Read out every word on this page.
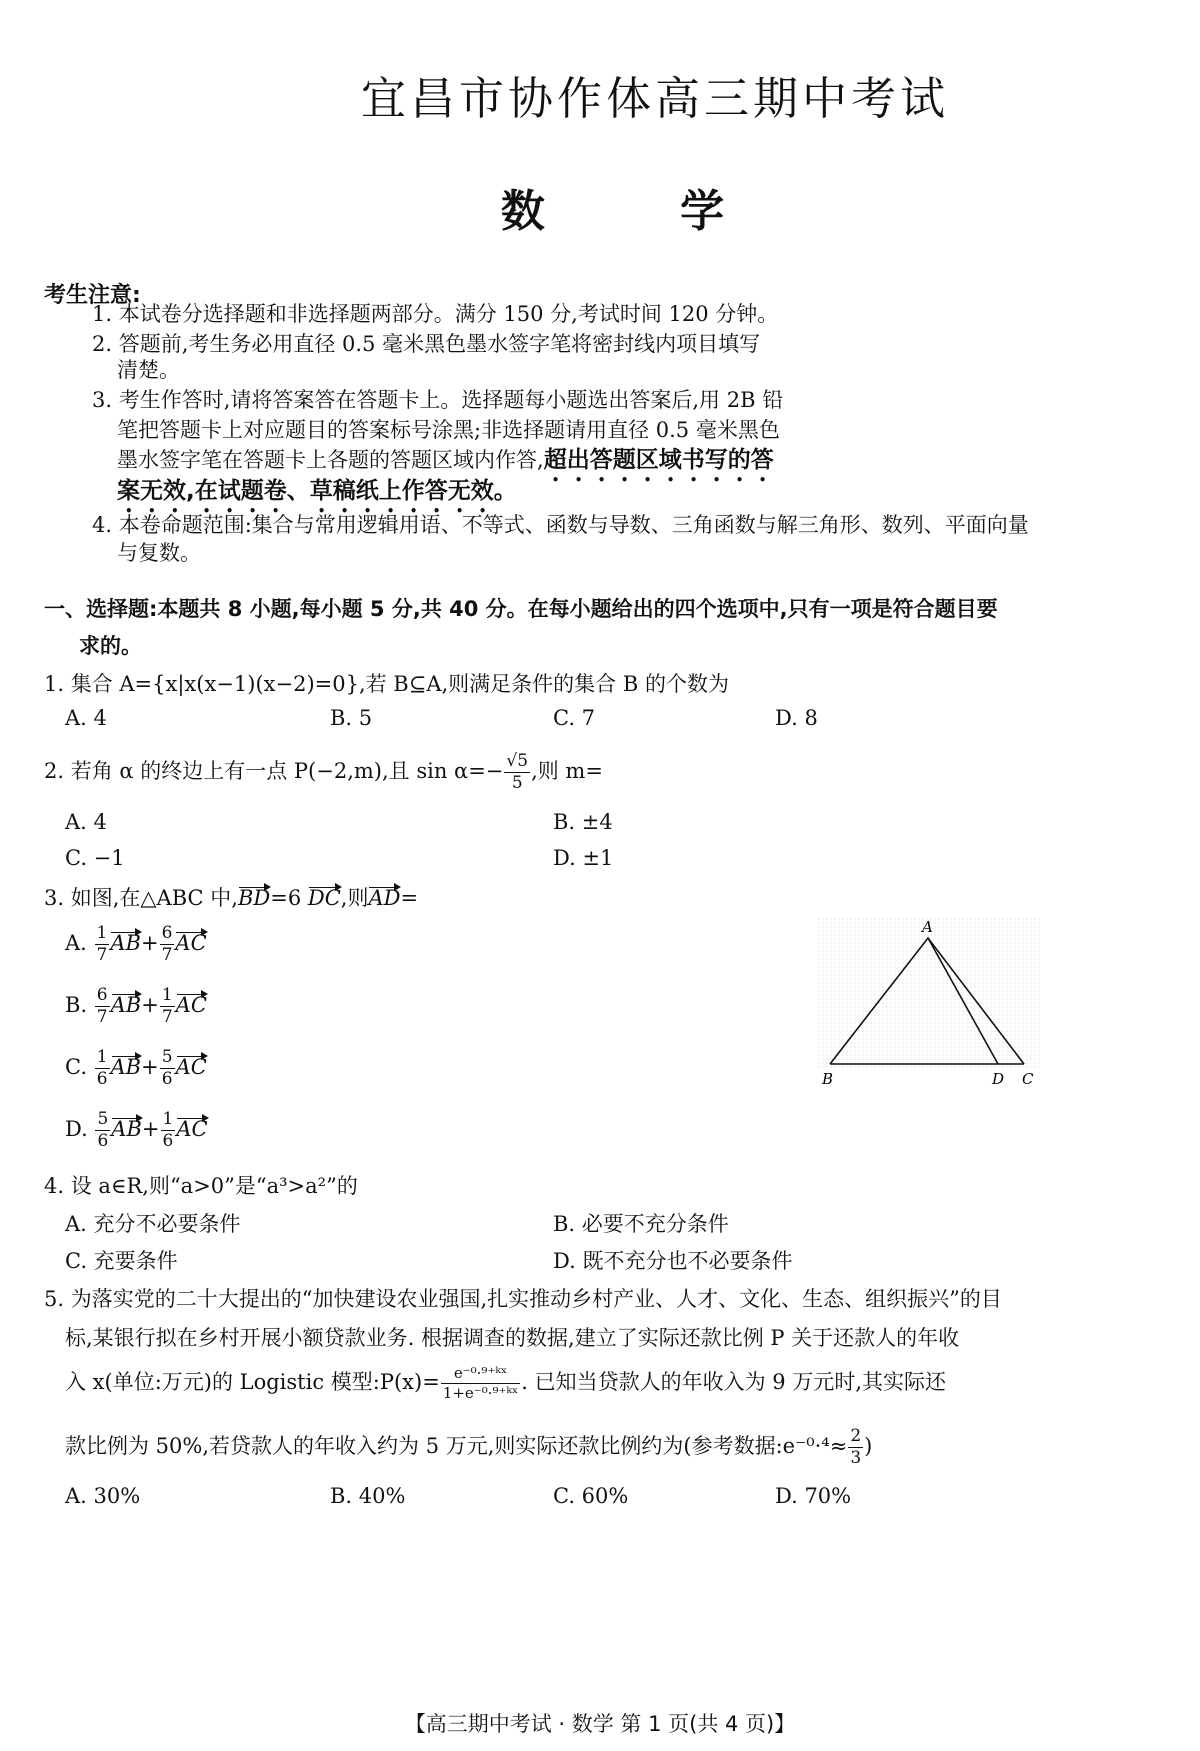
宜昌市协作体高三期中考试
数 学
考生注意:
1. 本试卷分选择题和非选择题两部分。满分 150 分,考试时间 120 分钟。
2. 答题前,考生务必用直径 0.5 毫米黑色墨水签字笔将密封线内项目填写
清楚。
3. 考生作答时,请将答案答在答题卡上。选择题每小题选出答案后,用 2B 铅
笔把答题卡上对应题目的答案标号涂黑;非选择题请用直径 0.5 毫米黑色
墨水签字笔在答题卡上各题的答题区域内作答,超出答题区域书写的答
案无效,在试题卷、草稿纸上作答无效。
4. 本卷命题范围:集合与常用逻辑用语、不等式、函数与导数、三角函数与解三角形、数列、平面向量
与复数。
一、选择题:本题共 8 小题,每小题 5 分,共 40 分。在每小题给出的四个选项中,只有一项是符合题目要
求的。
1. 集合 A={x|x(x−1)(x−2)=0},若 B⊆A,则满足条件的集合 B 的个数为
A. 4	B. 5	C. 7	D. 8
2. 若角 α 的终边上有一点 P(−2,m),且 $\sin \alpha=- \frac{√5}{5}$ ,则 m=
A. 4	B. ±4
C. −1	D. ±1
3. 如图,在△ABC 中,BD=6 DC,则AD=
A. $\frac{1}{7} AB+ \frac{6}{7}$ AC
B. $\frac{6}{7} AB+ \frac{1}{7}$ AC
C. $\frac{1}{6} AB+ \frac{5}{6}$ AC
D. $\frac{5}{6} AB+ \frac{1}{6}$ AC
A
B	D C
4. 设 a∈R,则“a>0”是“a³>a²”的
A. 充分不必要条件	B. 必要不充分条件
C. 充要条件	D. 既不充分也不必要条件
5. 为落实党的二十大提出的“加快建设农业强国,扎实推动乡村产业、人才、文化、生态、组织振兴”的目
标,某银行拟在乡村开展小额贷款业务. 根据调查的数据,建立了实际还款比例 P 关于还款人的年收
入 x(单位:万元)的 Logistic 模型:P(x)= $\frac{\text{e⁻⁰·⁹⁺ᵏˣ}}{\text{1+e⁻⁰·⁹⁺ᵏˣ}}$ . 已知当贷款人的年收入为 9 万元时,其实际还
款比例为 50%,若贷款人的年收入约为 5 万元,则实际还款比例约为(参考数据:e⁻⁰·⁴≈ $\frac{2}{3}$ )
A. 30%	B. 40%	C. 60%	D. 70%
【高三期中考试 · 数学 第 1 页(共 4 页)】
